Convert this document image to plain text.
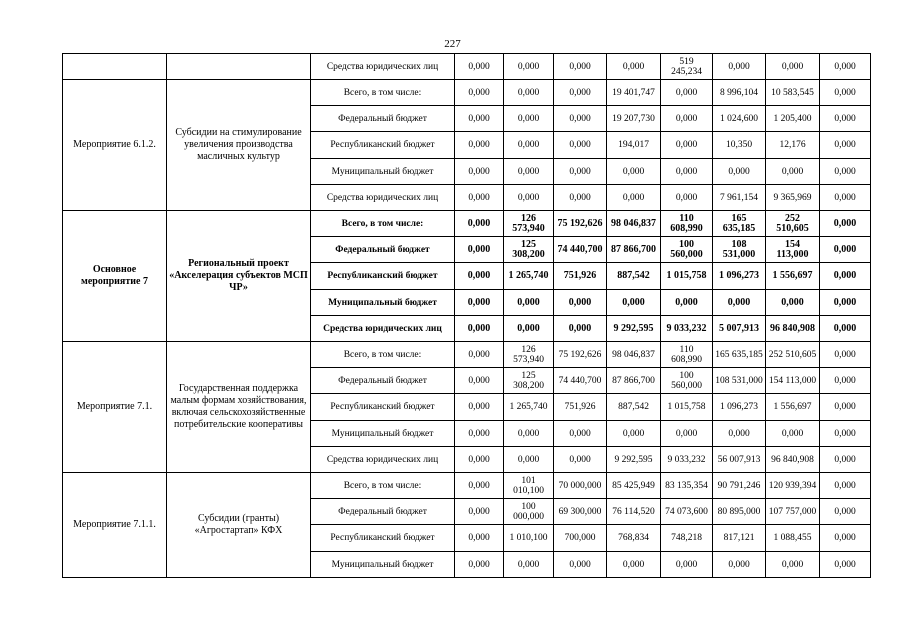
227
		Средства юридических лиц	0,000	0,000	0,000	0,000	519 245,234	0,000	0,000	0,000
Мероприятие 6.1.2.	Субсидии на стимулирование увеличения производства масличных культур	Всего, в том числе:	0,000	0,000	0,000	19 401,747	0,000	8 996,104	10 583,545	0,000
		Федеральный бюджет	0,000	0,000	0,000	19 207,730	0,000	1 024,600	1 205,400	0,000
		Республиканский бюджет	0,000	0,000	0,000	194,017	0,000	10,350	12,176	0,000
		Муниципальный бюджет	0,000	0,000	0,000	0,000	0,000	0,000	0,000	0,000
		Средства юридических лиц	0,000	0,000	0,000	0,000	0,000	7 961,154	9 365,969	0,000
Основное мероприятие 7	Региональный проект «Акселерация субъектов МСП ЧР»	Всего, в том числе:	0,000	126 573,940	75 192,626	98 046,837	110 608,990	165 635,185	252 510,605	0,000
		Федеральный бюджет	0,000	125 308,200	74 440,700	87 866,700	100 560,000	108 531,000	154 113,000	0,000
		Республиканский бюджет	0,000	1 265,740	751,926	887,542	1 015,758	1 096,273	1 556,697	0,000
		Муниципальный бюджет	0,000	0,000	0,000	0,000	0,000	0,000	0,000	0,000
		Средства юридических лиц	0,000	0,000	0,000	9 292,595	9 033,232	5 007,913	96 840,908	0,000
Мероприятие 7.1.	Государственная поддержка малым формам хозяйствования, включая сельскохозяйственные потребительские кооперативы	Всего, в том числе:	0,000	126 573,940	75 192,626	98 046,837	110 608,990	165 635,185	252 510,605	0,000
		Федеральный бюджет	0,000	125 308,200	74 440,700	87 866,700	100 560,000	108 531,000	154 113,000	0,000
		Республиканский бюджет	0,000	1 265,740	751,926	887,542	1 015,758	1 096,273	1 556,697	0,000
		Муниципальный бюджет	0,000	0,000	0,000	0,000	0,000	0,000	0,000	0,000
		Средства юридических лиц	0,000	0,000	0,000	9 292,595	9 033,232	56 007,913	96 840,908	0,000
Мероприятие 7.1.1.	Субсидии (гранты) «Агростартап» КФХ	Всего, в том числе:	0,000	101 010,100	70 000,000	85 425,949	83 135,354	90 791,246	120 939,394	0,000
		Федеральный бюджет	0,000	100 000,000	69 300,000	76 114,520	74 073,600	80 895,000	107 757,000	0,000
		Республиканский бюджет	0,000	1 010,100	700,000	768,834	748,218	817,121	1 088,455	0,000
		Муниципальный бюджет	0,000	0,000	0,000	0,000	0,000	0,000	0,000	0,000
